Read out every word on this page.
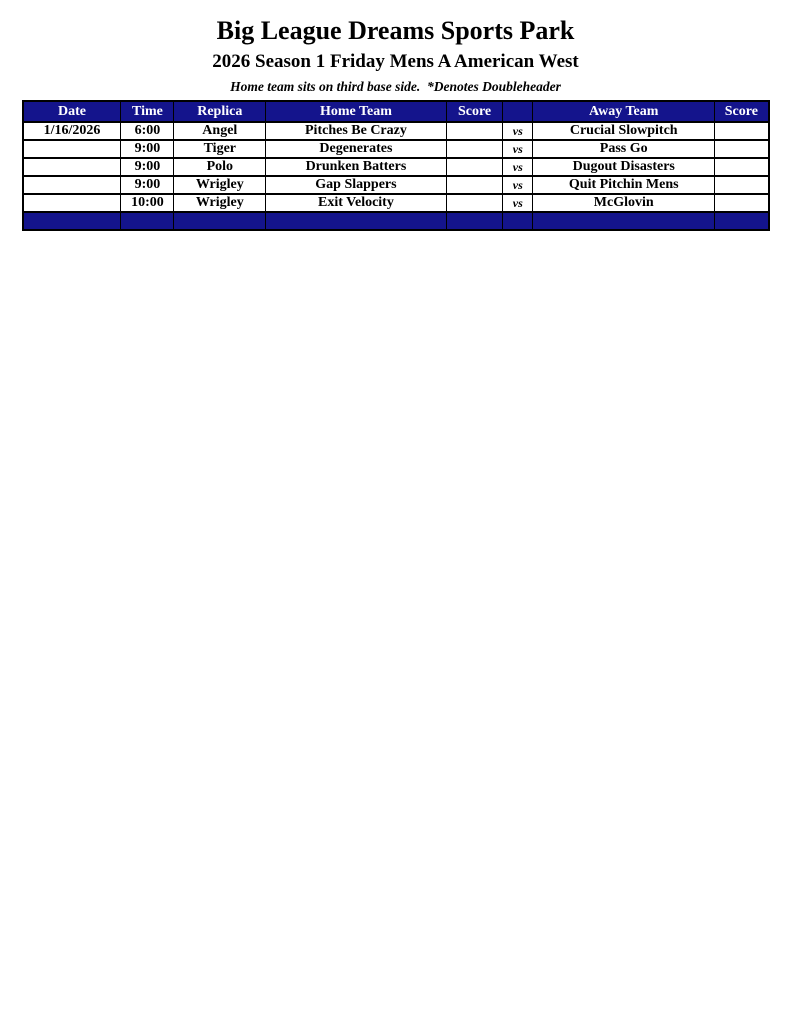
Big League Dreams Sports Park
2026 Season 1 Friday Mens A American West

Home team sits on third base side.  *Denotes Doubleheader

Date	Time	Replica	Home Team	Score		Away Team	Score
1/16/2026	6:00	Angel	Pitches Be Crazy		vs	Crucial Slowpitch	
	9:00	Tiger	Degenerates		vs	Pass Go	
	9:00	Polo	Drunken Batters		vs	Dugout Disasters	
	9:00	Wrigley	Gap Slappers		vs	Quit Pitchin Mens	
	10:00	Wrigley	Exit Velocity		vs	McGlovin	
